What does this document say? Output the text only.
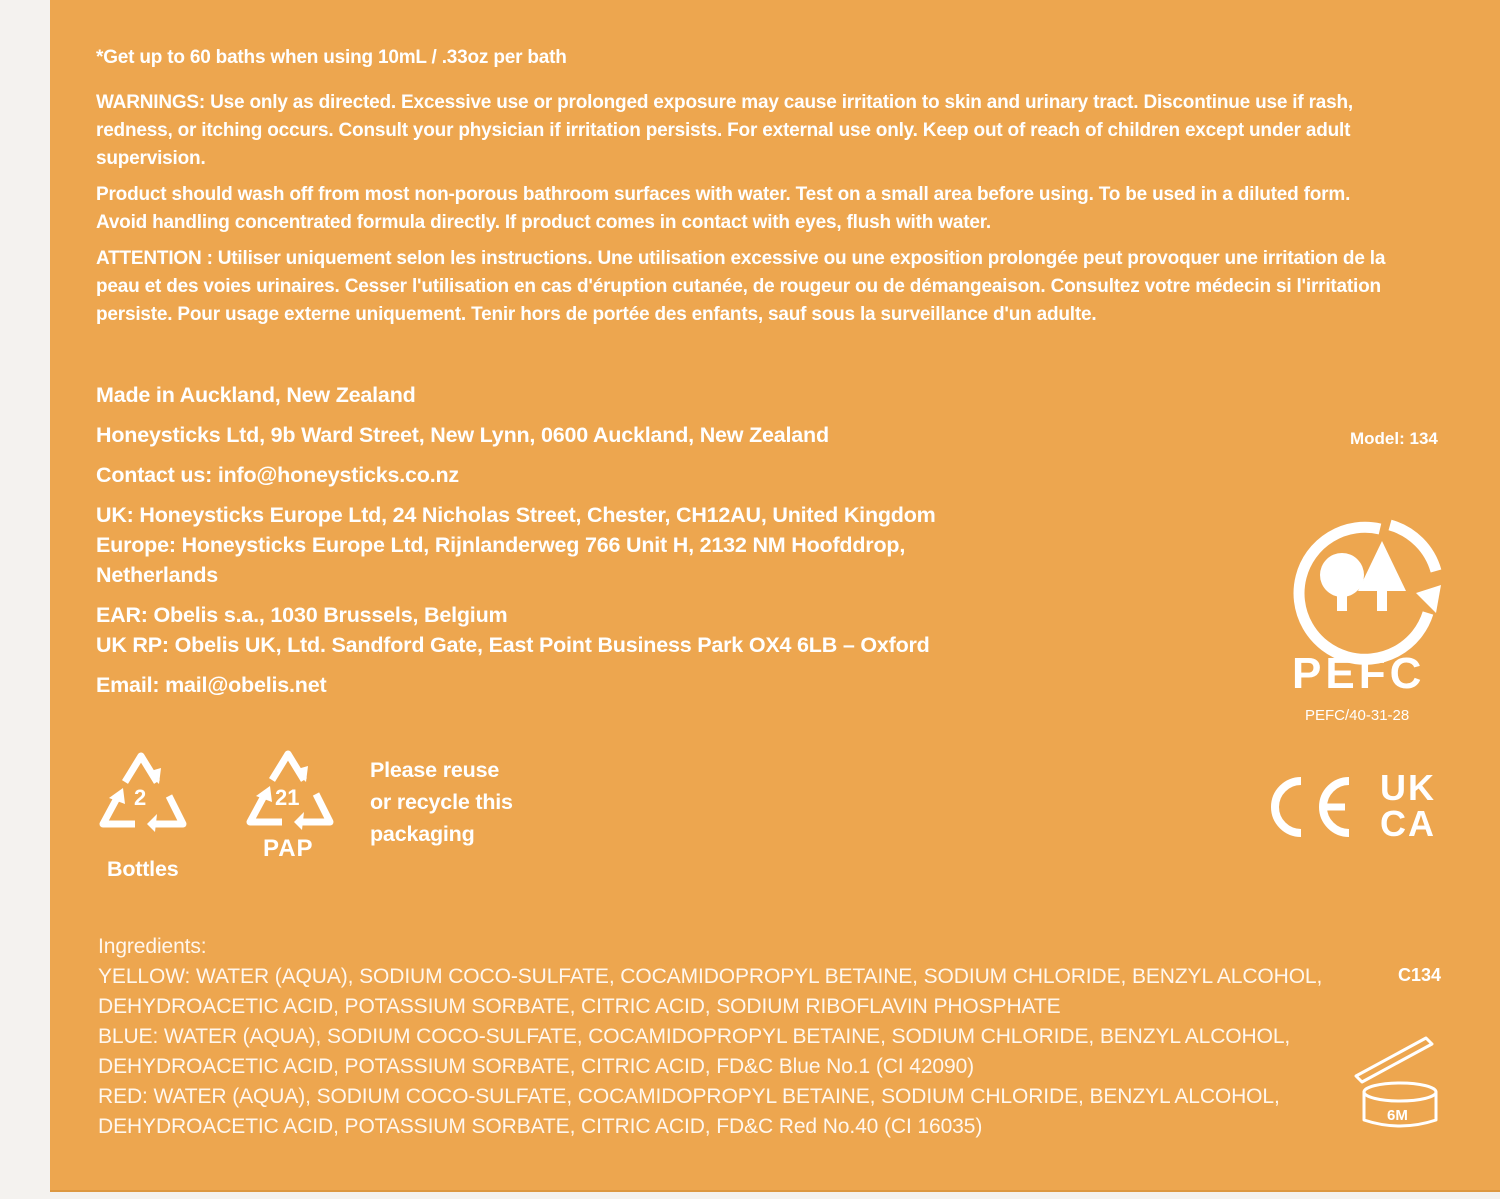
*Get up to 60 baths when using 10mL / .33oz per bath

WARNINGS: Use only as directed. Excessive use or prolonged exposure may cause irritation to skin and urinary tract. Discontinue use if rash,
redness, or itching occurs. Consult your physician if irritation persists. For external use only. Keep out of reach of children except under adult
supervision.

Product should wash off from most non-porous bathroom surfaces with water. Test on a small area before using. To be used in a diluted form.
Avoid handling concentrated formula directly. If product comes in contact with eyes, flush with water.

ATTENTION : Utiliser uniquement selon les instructions. Une utilisation excessive ou une exposition prolongée peut provoquer une irritation de la
peau et des voies urinaires. Cesser l'utilisation en cas d'éruption cutanée, de rougeur ou de démangeaison. Consultez votre médecin si l'irritation
persiste. Pour usage externe uniquement. Tenir hors de portée des enfants, sauf sous la surveillance d'un adulte.

Made in Auckland, New Zealand

Honeysticks Ltd, 9b Ward Street, New Lynn, 0600 Auckland, New Zealand

Contact us: info@honeysticks.co.nz

UK: Honeysticks Europe Ltd, 24 Nicholas Street, Chester, CH12AU, United Kingdom

Europe: Honeysticks Europe Ltd, Rijnlanderweg 766 Unit H, 2132 NM Hoofddrop,
Netherlands

EAR: Obelis s.a., 1030 Brussels, Belgium

UK RP: Obelis UK, Ltd. Sandford Gate, East Point Business Park OX4 6LB – Oxford

Email: mail@obelis.net

Model: 134

PEFC

PEFC/40-31-28

UK

CA

2

Bottles

21

PAP

Please reuse
or recycle this
packaging

Ingredients:

YELLOW: WATER (AQUA), SODIUM COCO-SULFATE, COCAMIDOPROPYL BETAINE, SODIUM CHLORIDE, BENZYL ALCOHOL,
DEHYDROACETIC ACID, POTASSIUM SORBATE, CITRIC ACID, SODIUM RIBOFLAVIN PHOSPHATE
BLUE: WATER (AQUA), SODIUM COCO-SULFATE, COCAMIDOPROPYL BETAINE, SODIUM CHLORIDE, BENZYL ALCOHOL,
DEHYDROACETIC ACID, POTASSIUM SORBATE, CITRIC ACID, FD&C Blue No.1 (CI 42090)
RED: WATER (AQUA), SODIUM COCO-SULFATE, COCAMIDOPROPYL BETAINE, SODIUM CHLORIDE, BENZYL ALCOHOL,
DEHYDROACETIC ACID, POTASSIUM SORBATE, CITRIC ACID, FD&C Red No.40 (CI 16035)

C134

6M
